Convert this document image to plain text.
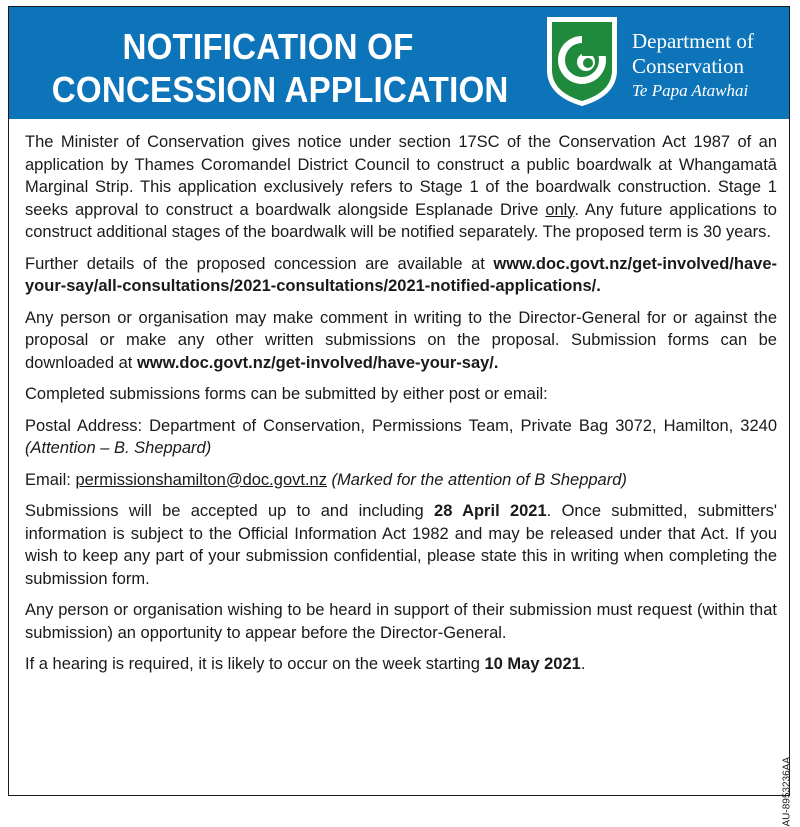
NOTIFICATION OF
CONCESSION APPLICATION
Department of
Conservation
Te Papa Atawhai

The Minister of Conservation gives notice under section 17SC of the Conservation Act 1987 of an application by Thames Coromandel District Council to construct a public boardwalk at Whangamatā Marginal Strip. This application exclusively refers to Stage 1 of the boardwalk construction. Stage 1 seeks approval to construct a boardwalk alongside Esplanade Drive only. Any future applications to construct additional stages of the boardwalk will be notified separately. The proposed term is 30 years.

Further details of the proposed concession are available at www.doc.govt.nz/get-involved/have-your-say/all-consultations/2021-consultations/2021-notified-applications/.

Any person or organisation may make comment in writing to the Director-General for or against the proposal or make any other written submissions on the proposal. Submission forms can be downloaded at www.doc.govt.nz/get-involved/have-your-say/.

Completed submissions forms can be submitted by either post or email:

Postal Address: Department of Conservation, Permissions Team, Private Bag 3072, Hamilton, 3240 (Attention – B. Sheppard)

Email: permissionshamilton@doc.govt.nz (Marked for the attention of B Sheppard)

Submissions will be accepted up to and including 28 April 2021. Once submitted, submitters' information is subject to the Official Information Act 1982 and may be released under that Act. If you wish to keep any part of your submission confidential, please state this in writing when completing the submission form.

Any person or organisation wishing to be heard in support of their submission must request (within that submission) an opportunity to appear before the Director-General.

If a hearing is required, it is likely to occur on the week starting 10 May 2021.

AU-8953236AA
